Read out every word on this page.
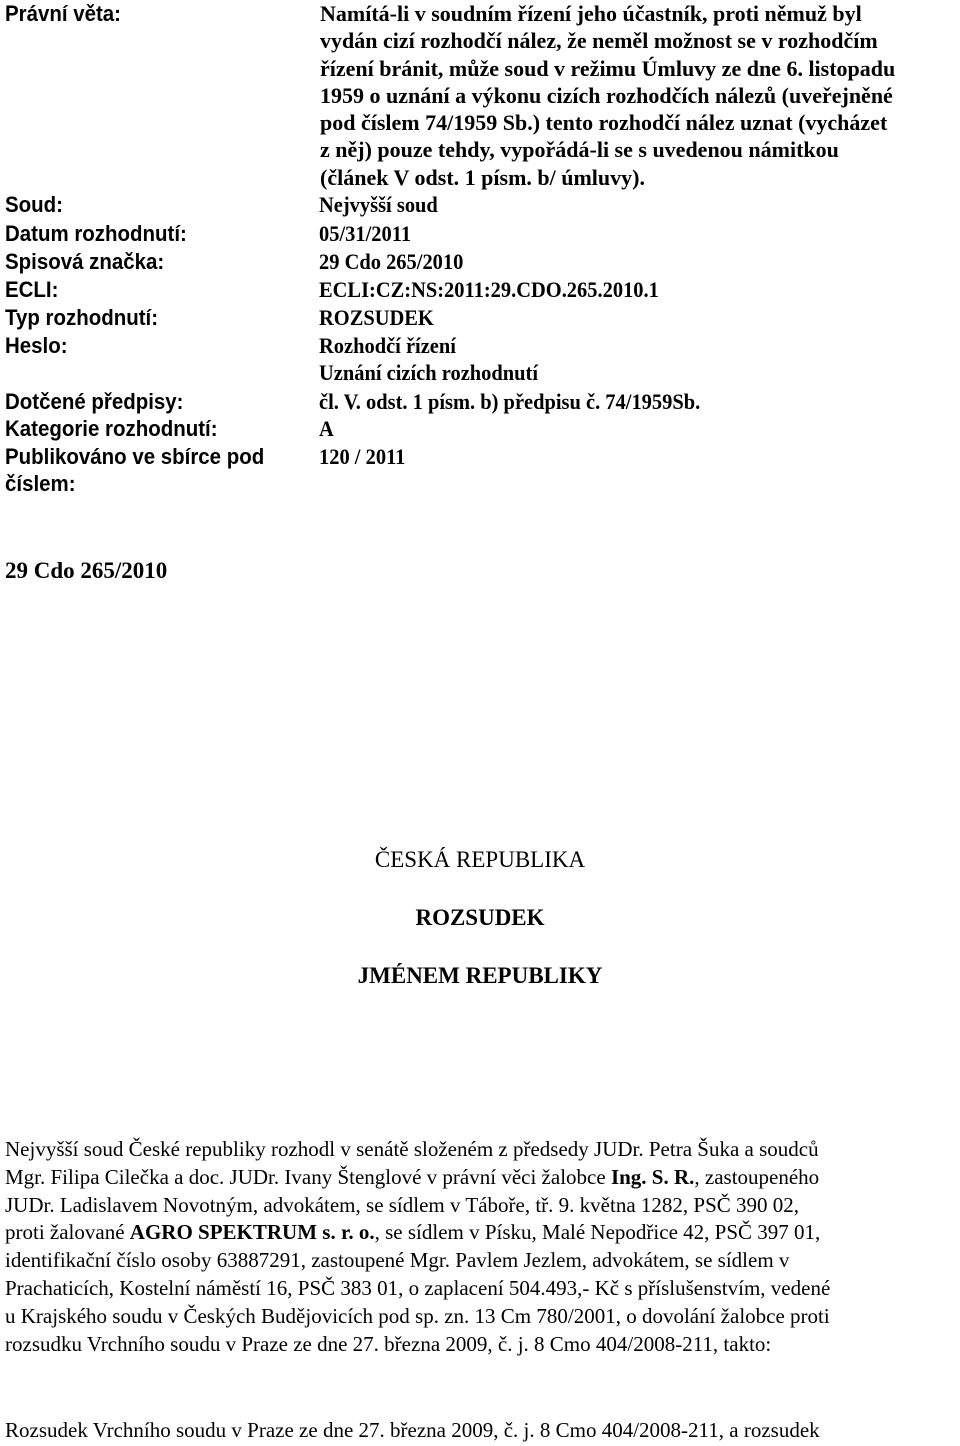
Právní věta:	Namítá-li v soudním řízení jeho účastník, proti němuž byl
vydán cizí rozhodčí nález, že neměl možnost se v rozhodčím
řízení bránit, může soud v režimu Úmluvy ze dne 6. listopadu
1959 o uznání a výkonu cizích rozhodčích nálezů (uveřejněné
pod číslem 74/1959 Sb.) tento rozhodčí nález uznat (vycházet
z něj) pouze tehdy, vypořádá-li se s uvedenou námitkou
(článek V odst. 1 písm. b/ úmluvy).
Soud:	Nejvyšší soud
Datum rozhodnutí:	05/31/2011
Spisová značka:	29 Cdo 265/2010
ECLI:	ECLI:CZ:NS:2011:29.CDO.265.2010.1
Typ rozhodnutí:	ROZSUDEK
Heslo:	Rozhodčí řízení
Uznání cizích rozhodnutí
Dotčené předpisy:	čl. V. odst. 1 písm. b) předpisu č. 74/1959Sb.
Kategorie rozhodnutí:	A
Publikováno ve sbírce pod číslem:
120 / 2011
29 Cdo 265/2010
ČESKÁ REPUBLIKA
ROZSUDEK
JMÉNEM REPUBLIKY

Nejvyšší soud České republiky rozhodl v senátě složeném z předsedy JUDr. Petra Šuka a soudců

Mgr. Filipa Cilečka a doc. JUDr. Ivany Štenglové v právní věci žalobce Ing. S. R., zastoupeného

JUDr. Ladislavem Novotným, advokátem, se sídlem v Táboře, tř. 9. května 1282, PSČ 390 02,

proti žalované AGRO SPEKTRUM s. r. o., se sídlem v Písku, Malé Nepodřice 42, PSČ 397 01,

identifikační číslo osoby 63887291, zastoupené Mgr. Pavlem Jezlem, advokátem, se sídlem v

Prachaticích, Kostelní náměstí 16, PSČ 383 01, o zaplacení 504.493,- Kč s příslušenstvím, vedené

u Krajského soudu v Českých Budějovicích pod sp. zn. 13 Cm 780/2001, o dovolání žalobce proti

rozsudku Vrchního soudu v Praze ze dne 27. března 2009, č. j. 8 Cmo 404/2008-211, takto:

Rozsudek Vrchního soudu v Praze ze dne 27. března 2009, č. j. 8 Cmo 404/2008-211, a rozsudek
